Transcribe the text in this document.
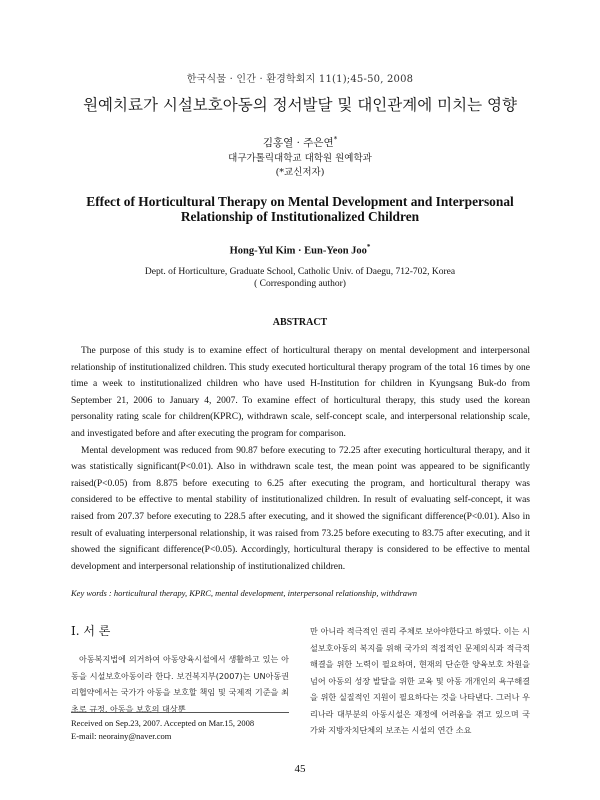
한국식물 · 인간 · 환경학회지 11(1);45-50, 2008
원예치료가 시설보호아동의 정서발달 및 대인관계에 미치는 영향
김홍열 · 주은연*
대구가톨릭대학교 대학원 원예학과
(*교신저자)
Effect of Horticultural Therapy on Mental Development and Interpersonal Relationship of Institutionalized Children
Hong-Yul Kim · Eun-Yeon Joo*
Dept. of Horticulture, Graduate School, Catholic Univ. of Daegu, 712-702, Korea
( Corresponding author)
ABSTRACT

The purpose of this study is to examine effect of horticultural therapy on mental development and interpersonal relationship of institutionalized children. This study executed horticultural therapy program of the total 16 times by one time a week to institutionalized children who have used H-Institution for children in Kyungsang Buk-do from September 21, 2006 to January 4, 2007. To examine effect of horticultural therapy, this study used the korean personality rating scale for children(KPRC), withdrawn scale, self-concept scale, and interpersonal relationship scale, and investigated before and after executing the program for comparison.

Mental development was reduced from 90.87 before executing to 72.25 after executing horticultural therapy, and it was statistically significant(P<0.01). Also in withdrawn scale test, the mean point was appeared to be significantly raised(P<0.05) from 8.875 before executing to 6.25 after executing the program, and horticultural therapy was considered to be effective to mental stability of institutionalized children. In result of evaluating self-concept, it was raised from 207.37 before executing to 228.5 after executing, and it showed the significant difference(P<0.01). Also in result of evaluating interpersonal relationship, it was raised from 73.25 before executing to 83.75 after executing, and it showed the significant difference(P<0.05). Accordingly, horticultural therapy is considered to be effective to mental development and interpersonal relationship of institutionalized children.

Key words : horticultural therapy, KPRC, mental development, interpersonal relationship, withdrawn
Ⅰ. 서 론

아동복지법에 의거하여 아동양육시설에서 생활하고 있는 아동을 시설보호아동이라 한다. 보건복지부(2007)는 UN아동권리협약에서는 국가가 아동을 보호할 책임 및 국제적 기준을 최초로 규정, 아동을 보호의 대상뿐

만 아니라 적극적인 권리 주체로 보아야한다고 하였다. 이는 시설보호아동의 복지를 위해 국가의 적접적인 문제의식과 적극적 해결을 위한 노력이 필요하며, 현재의 단순한 양육보호 차원을 넘어 아동의 성장 발달을 위한 교육 및 아동 개개인의 욕구해결을 위한 실질적인 지원이 필요하다는 것을 나타낸다. 그러나 우리나라 대부분의 아동시설은 재정에 어려움을 겪고 있으며 국가와 지방자치단체의 보조는 시설의 연간 소요

Received on Sep.23, 2007. Accepted on Mar.15, 2008
E-mail: neorainy@naver.com
45
